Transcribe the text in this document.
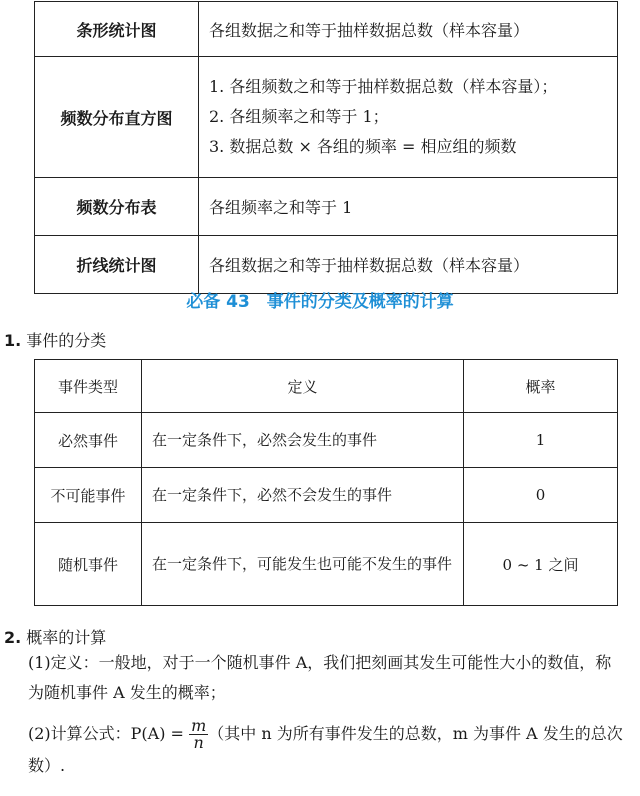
条形统计图	各组数据之和等于抽样数据总数（样本容量）

频数分布直方图	1. 各组频数之和等于抽样数据总数（样本容量）；
2. 各组频率之和等于 1；
3. 数据总数 × 各组的频率 = 相应组的频数

频数分布表	各组频率之和等于 1

折线统计图	各组数据之和等于抽样数据总数（样本容量）
必备 43　事件的分类及概率的计算
1. 事件的分类
事件类型	定义	概率
必然事件	在一定条件下，必然会发生的事件	1
不可能事件	在一定条件下，必然不会发生的事件	0
随机事件	在一定条件下，可能发生也可能不发生的事件	0 ~ 1 之间
2. 概率的计算
(1)定义：一般地，对于一个随机事件 A，我们把刻画其发生可能性大小的数值，称为随机事件 A 发生的概率；
(2)计算公式：$P(A) = \frac{m}{n}$ （其中 n 为所有事件发生的总数，m 为事件 A 发生的总次数）.
